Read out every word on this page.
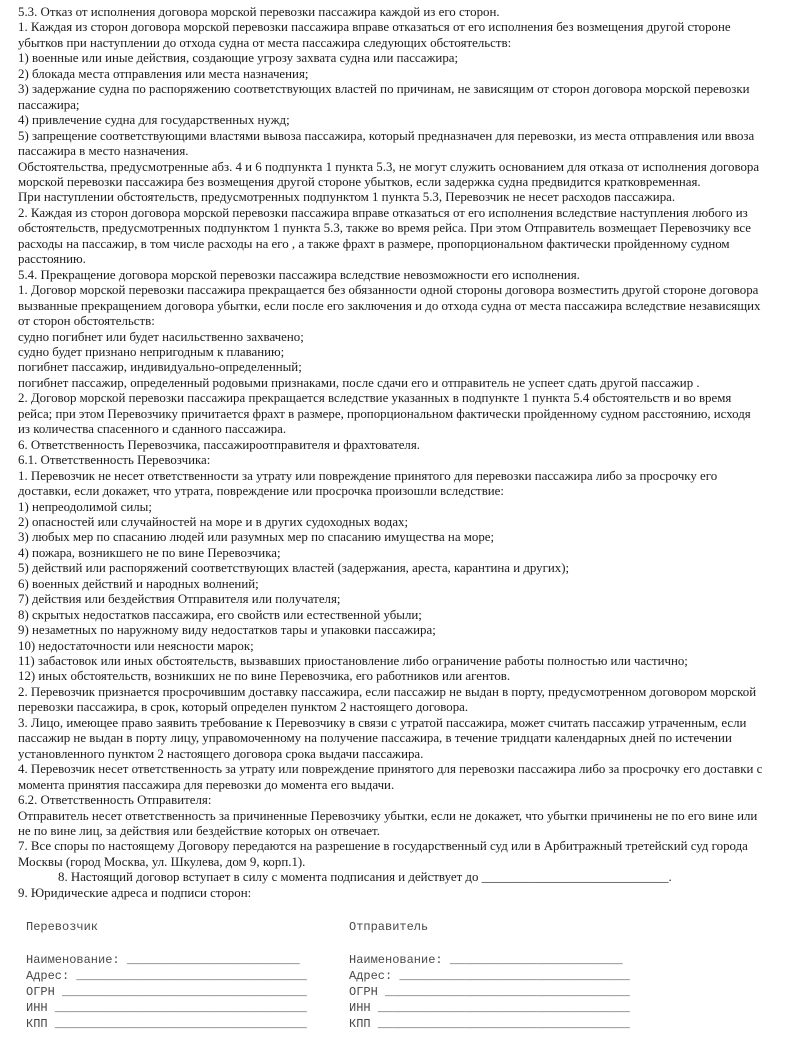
5.3. Отказ от исполнения договора морской перевозки пассажира каждой из его сторон.

1. Каждая из сторон договора морской перевозки пассажира вправе отказаться от его исполнения без возмещения другой стороне убытков при наступлении до отхода судна от места пассажира следующих обстоятельств:

1) военные или иные действия, создающие угрозу захвата судна или пассажира;

2) блокада места отправления или места назначения;

3) задержание судна по распоряжению соответствующих властей по причинам, не зависящим от сторон договора морской перевозки пассажира;

4) привлечение судна для государственных нужд;

5) запрещение соответствующими властями вывоза пассажира, который предназначен для перевозки, из места отправления или ввоза пассажира в место назначения.

Обстоятельства, предусмотренные абз. 4 и 6 подпункта 1 пункта 5.3, не могут служить основанием для отказа от исполнения договора морской перевозки пассажира без возмещения другой стороне убытков, если задержка судна предвидится кратковременная.

При наступлении обстоятельств, предусмотренных подпунктом 1 пункта 5.3, Перевозчик не несет расходов пассажира.

2. Каждая из сторон договора морской перевозки пассажира вправе отказаться от его исполнения вследствие наступления любого из обстоятельств, предусмотренных подпунктом 1 пункта 5.3, также во время рейса. При этом Отправитель возмещает Перевозчику все расходы на пассажир, в том числе расходы на его , а также фрахт в размере, пропорциональном фактически пройденному судном расстоянию.

5.4. Прекращение договора морской перевозки пассажира вследствие невозможности его исполнения.

1. Договор морской перевозки пассажира прекращается без обязанности одной стороны договора возместить другой стороне договора вызванные прекращением договора убытки, если после его заключения и до отхода судна от места пассажира вследствие независящих от сторон обстоятельств:

судно погибнет или будет насильственно захвачено;

судно будет признано непригодным к плаванию;

погибнет пассажир, индивидуально-определенный;

погибнет пассажир, определенный родовыми признаками, после сдачи его и отправитель не успеет сдать другой пассажир .

2. Договор морской перевозки пассажира прекращается вследствие указанных в подпункте 1 пункта 5.4 обстоятельств и во время рейса; при этом Перевозчику причитается фрахт в размере, пропорциональном фактически пройденному судном расстоянию, исходя из количества спасенного и сданного пассажира.

6. Ответственность Перевозчика, пассажироотправителя и фрахтователя.

6.1. Ответственность Перевозчика:

1. Перевозчик не несет ответственности за утрату или повреждение принятого для перевозки пассажира либо за просрочку его доставки, если докажет, что утрата, повреждение или просрочка произошли вследствие:

1) непреодолимой силы;

2) опасностей или случайностей на море и в других судоходных водах;

3) любых мер по спасанию людей или разумных мер по спасанию имущества на море;

4) пожара, возникшего не по вине Перевозчика;

5) действий или распоряжений соответствующих властей (задержания, ареста, карантина и других);

6) военных действий и народных волнений;

7) действия или бездействия Отправителя или получателя;

8) скрытых недостатков пассажира, его свойств или естественной убыли;

9) незаметных по наружному виду недостатков тары и упаковки пассажира;

10) недостаточности или неясности марок;

11) забастовок или иных обстоятельств, вызвавших приостановление либо ограничение работы полностью или частично;

12) иных обстоятельств, возникших не по вине Перевозчика, его работников или агентов.

2. Перевозчик признается просрочившим доставку пассажира, если пассажир не выдан в порту, предусмотренном договором морской перевозки пассажира, в срок, который определен пунктом 2 настоящего договора.

3. Лицо, имеющее право заявить требование к Перевозчику в связи с утратой пассажира, может считать пассажир утраченным, если пассажир не выдан в порту лицу, управомоченному на получение пассажира, в течение тридцати календарных дней по истечении установленного пунктом 2 настоящего договора срока выдачи пассажира.

4. Перевозчик несет ответственность за утрату или повреждение принятого для перевозки пассажира либо за просрочку его доставки с момента принятия пассажира для перевозки до момента его выдачи.

6.2. Ответственность Отправителя:

Отправитель несет ответственность за причиненные Перевозчику убытки, если не докажет, что убытки причинены не по его вине или не по вине лиц, за действия или бездействие которых он отвечает.

7. Все споры по настоящему Договору передаются на разрешение в государственный суд или в Арбитражный третейский суд города Москвы (город Москва, ул. Шкулева, дом 9, корп.1).

8. Настоящий договор вступает в силу с момента подписания и действует до _____________________________.

9. Юридические адреса и подписи сторон:

Перевозчик
Наименование: ________________________
Адрес: ________________________________
ОГРН __________________________________
ИНН ___________________________________
КПП ___________________________________
Отправитель
Наименование: ________________________
Адрес: ________________________________
ОГРН __________________________________
ИНН ___________________________________
КПП ___________________________________
